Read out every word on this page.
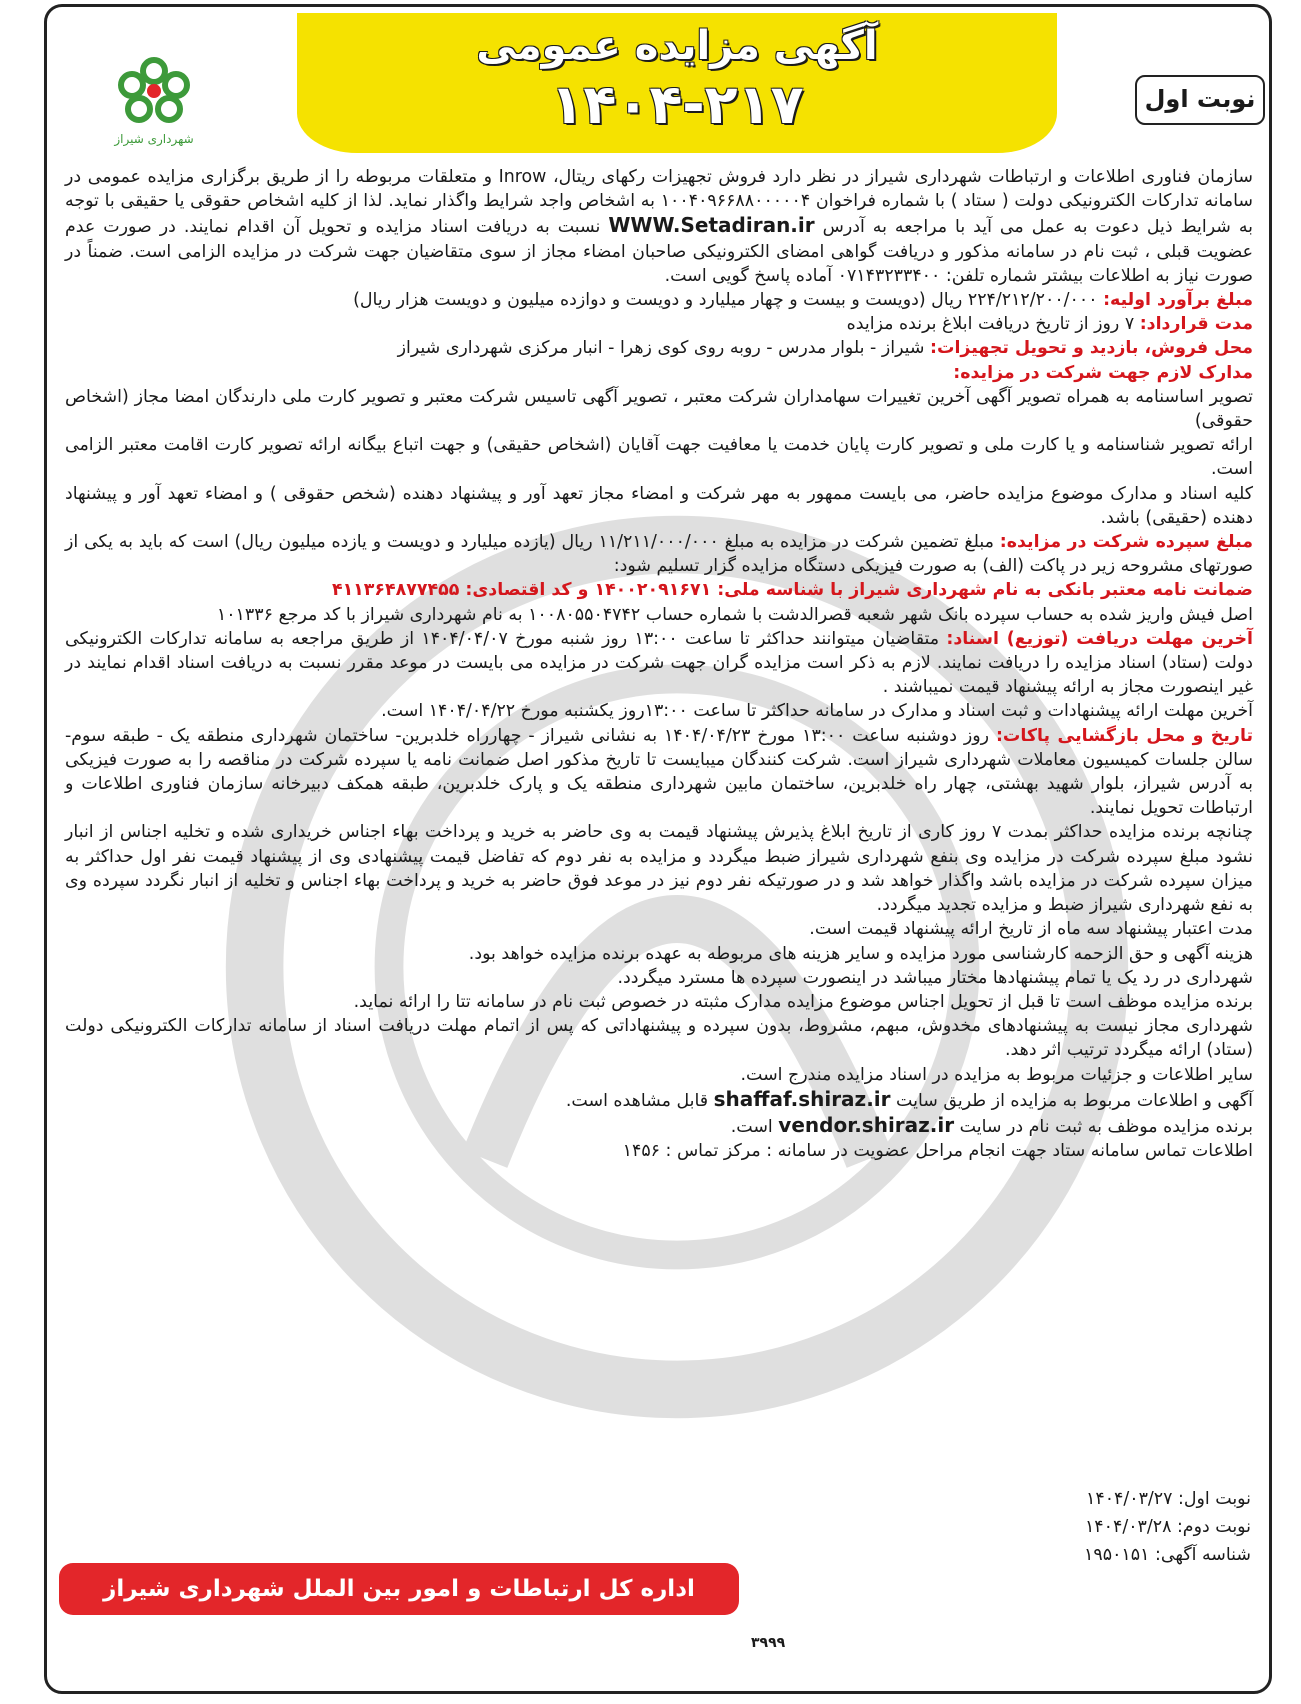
آگهی مزایده عمومی
۱۴۰۴-۲۱۷	نوبت اول
شهرداری شیراز

سازمان فناوری اطلاعات و ارتباطات شهرداری شیراز در نظر دارد فروش تجهیزات رکهای ریتال، Inrow و متعلقات مربوطه را از طریق برگزاری مزایده عمومی در سامانه تدارکات الکترونیکی دولت ( ستاد ) با شماره فراخوان ۱۰۰۴۰۹۶۶۸۸۰۰۰۰۰۴ به اشخاص واجد شرایط واگذار نماید. لذا از کلیه اشخاص حقوقی یا حقیقی با توجه به شرایط ذیل دعوت به عمل می آید با مراجعه به آدرس WWW.Setadiran.ir نسبت به دریافت اسناد مزایده و تحویل آن اقدام نمایند. در صورت عدم عضویت قبلی ، ثبت نام در سامانه مذکور و دریافت گواهی امضای الکترونیکی صاحبان امضاء مجاز از سوی متقاضیان جهت شرکت در مزایده الزامی است. ضمناً در صورت نیاز به اطلاعات بیشتر شماره تلفن: ۰۷۱۴۳۲۳۳۴۰۰ آماده پاسخ گویی است.

مبلغ برآورد اولیه: ۲۲۴/۲۱۲/۲۰۰/۰۰۰ ریال (دویست و بیست و چهار میلیارد و دویست و دوازده میلیون و دویست هزار ریال)

مدت قرارداد: ۷ روز از تاریخ دریافت ابلاغ برنده مزایده

محل فروش، بازدید و تحویل تجهیزات: شیراز - بلوار مدرس - روبه روی کوی زهرا - انبار مرکزی شهرداری شیراز

مدارک لازم جهت شرکت در مزایده:

تصویر اساسنامه به همراه تصویر آگهی آخرین تغییرات سهامداران شرکت معتبر ، تصویر آگهی تاسیس شرکت معتبر و تصویر کارت ملی دارندگان امضا مجاز (اشخاص حقوقی)

ارائه تصویر شناسنامه و یا کارت ملی و تصویر کارت پایان خدمت یا معافیت جهت آقایان (اشخاص حقیقی) و جهت اتباع بیگانه ارائه تصویر کارت اقامت معتبر الزامی است.

کلیه اسناد و مدارک موضوع مزایده حاضر، می بایست ممهور به مهر شرکت و امضاء مجاز تعهد آور و پیشنهاد دهنده (شخص حقوقی ) و امضاء تعهد آور و پیشنهاد دهنده (حقیقی) باشد.

مبلغ سپرده شرکت در مزایده: مبلغ تضمین شرکت در مزایده به مبلغ ۱۱/۲۱۱/۰۰۰/۰۰۰ ریال (یازده میلیارد و دویست و یازده میلیون ریال) است که باید به یکی از صورتهای مشروحه زیر در پاکت (الف) به صورت فیزیکی دستگاه مزایده گزار تسلیم شود:

ضمانت نامه معتبر بانکی به نام شهرداری شیراز با شناسه ملی: ۱۴۰۰۲۰۹۱۶۷۱ و کد اقتصادی: ۴۱۱۳۶۴۸۷۷۴۵۵

اصل فیش واریز شده به حساب سپرده بانک شهر شعبه قصرالدشت با شماره حساب ۱۰۰۸۰۵۵۰۴۷۴۲ به نام شهرداری شیراز با کد مرجع ۱۰۱۳۳۶

آخرین مهلت دریافت (توزیع) اسناد: متقاضیان میتوانند حداکثر تا ساعت ۱۳:۰۰ روز شنبه مورخ ۱۴۰۴/۰۴/۰۷ از طریق مراجعه به سامانه تدارکات الکترونیکی دولت (ستاد) اسناد مزایده را دریافت نمایند. لازم به ذکر است مزایده گران جهت شرکت در مزایده می بایست در موعد مقرر نسبت به دریافت اسناد اقدام نمایند در غیر اینصورت مجاز به ارائه پیشنهاد قیمت نمیباشند .

آخرین مهلت ارائه پیشنهادات و ثبت اسناد و مدارک در سامانه حداکثر تا ساعت ۱۳:۰۰روز یکشنبه مورخ ۱۴۰۴/۰۴/۲۲ است.

تاریخ و محل بازگشایی پاکات: روز دوشنبه ساعت ۱۳:۰۰ مورخ ۱۴۰۴/۰۴/۲۳ به نشانی شیراز - چهارراه خلدبرین- ساختمان شهرداری منطقه یک - طبقه سوم- سالن جلسات کمیسیون معاملات شهرداری شیراز است. شرکت کنندگان میبایست تا تاریخ مذکور اصل ضمانت نامه یا سپرده شرکت در مناقصه را به صورت فیزیکی به آدرس شیراز، بلوار شهید بهشتی، چهار راه خلدبرین، ساختمان مابین شهرداری منطقه یک و پارک خلدبرین، طبقه همکف دبیرخانه سازمان فناوری اطلاعات و ارتباطات تحویل نمایند.

چنانچه برنده مزایده حداکثر بمدت ۷ روز کاری از تاریخ ابلاغ پذیرش پیشنهاد قیمت به وی حاضر به خرید و پرداخت بهاء اجناس خریداری شده و تخلیه اجناس از انبار نشود مبلغ سپرده شرکت در مزایده وی بنفع شهرداری شیراز ضبط میگردد و مزایده به نفر دوم که تفاضل قیمت پیشنهادی وی از پیشنهاد قیمت نفر اول حداکثر به میزان سپرده شرکت در مزایده باشد واگذار خواهد شد و در صورتیکه نفر دوم نیز در موعد فوق حاضر به خرید و پرداخت بهاء اجناس و تخلیه از انبار نگردد سپرده وی به نفع شهرداری شیراز ضبط و مزایده تجدید میگردد.

مدت اعتبار پیشنهاد سه ماه از تاریخ ارائه پیشنهاد قیمت است.

هزینه آگهی و حق الزحمه کارشناسی مورد مزایده و سایر هزینه های مربوطه به عهده برنده مزایده خواهد بود.

شهرداری در رد یک یا تمام پیشنهادها مختار میباشد در اینصورت سپرده ها مسترد میگردد.

برنده مزایده موظف است تا قبل از تحویل اجناس موضوع مزایده مدارک مثبته در خصوص ثبت نام در سامانه تتا را ارائه نماید.

شهرداری مجاز نیست به پیشنهادهای مخدوش، مبهم، مشروط، بدون سپرده و پیشنهاداتی که پس از اتمام مهلت دریافت اسناد از سامانه تدارکات الکترونیکی دولت (ستاد) ارائه میگردد ترتیب اثر دهد.

سایر اطلاعات و جزئیات مربوط به مزایده در اسناد مزایده مندرج است.

آگهی و اطلاعات مربوط به مزایده از طریق سایت shaffaf.shiraz.ir قابل مشاهده است.

برنده مزایده موظف به ثبت نام در سایت vendor.shiraz.ir است.

اطلاعات تماس سامانه ستاد جهت انجام مراحل عضویت در سامانه : مرکز تماس : ۱۴۵۶

نوبت اول: ۱۴۰۴/۰۳/۲۷
نوبت دوم: ۱۴۰۴/۰۳/۲۸
شناسه آگهی: ۱۹۵۰۱۵۱
اداره کل ارتباطات و امور بین الملل شهرداری شیراز
۳۹۹۹
